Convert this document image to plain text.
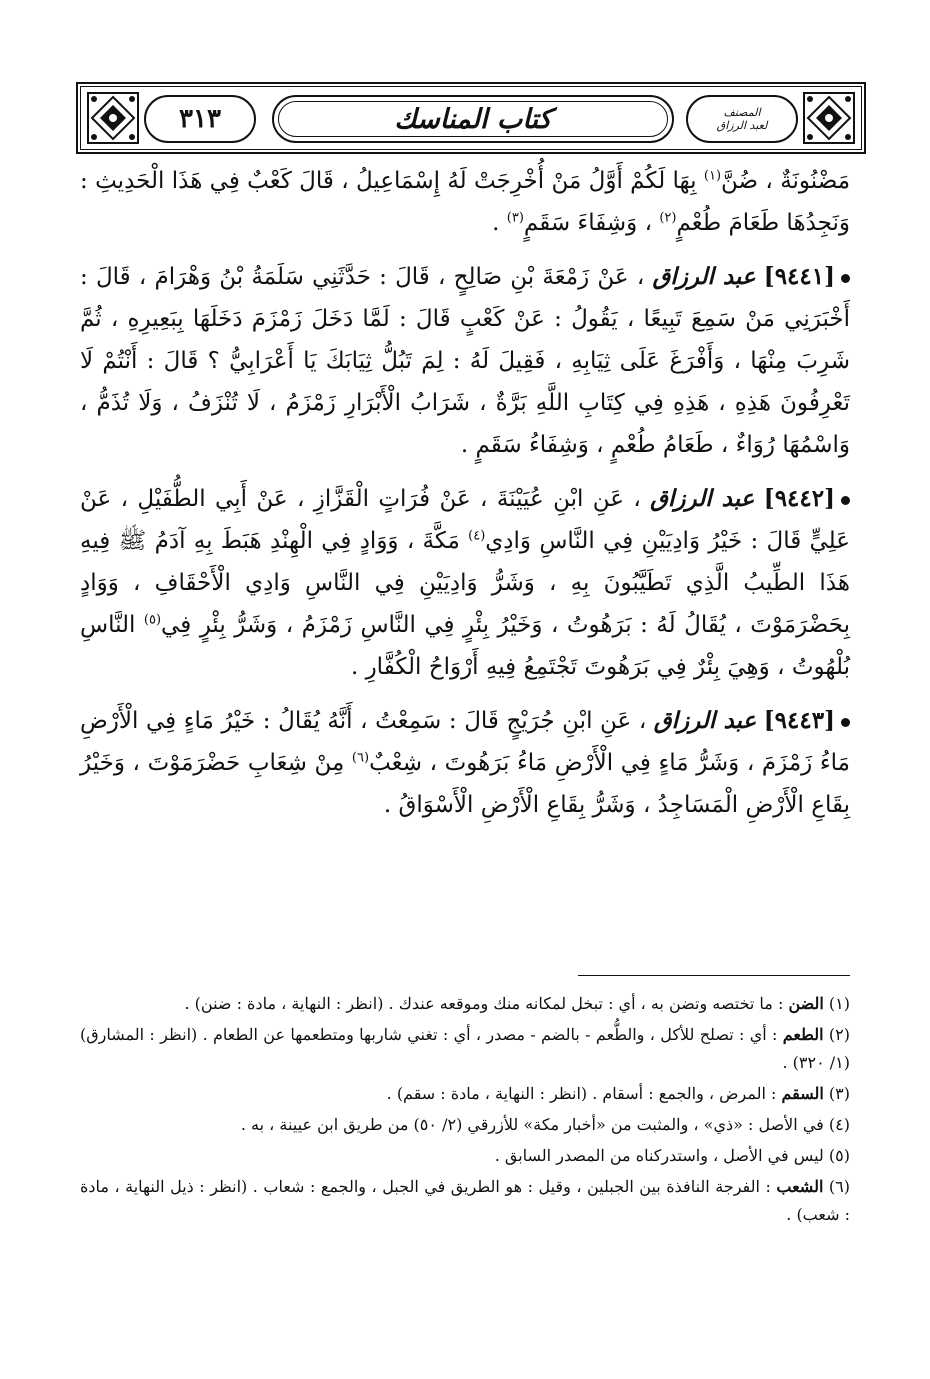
٣١٣	كتاب المناسك	المصنف
لعبد الرزاق

مَضْنُونَةٌ ، ضُنَّ$^{(١)}$ بِهَا لَكُمْ أَوَّلُ مَنْ أُخْرِجَتْ لَهُ إِسْمَاعِيلُ ، قَالَ كَعْبٌ فِي هَذَا الْحَدِيثِ : وَنَجِدُهَا طَعَامَ طُعْمٍ$^{(٢)}$ ، وَشِفَاءَ سَقَمٍ$^{(٣)}$ .

[٩٤٤١] عبد الرزاق ، عَنْ زَمْعَةَ بْنِ صَالِحٍ ، قَالَ : حَدَّثَنِي سَلَمَةُ بْنُ وَهْرَامَ ، قَالَ : أَخْبَرَنِي مَنْ سَمِعَ تَبِيعًا ، يَقُولُ : عَنْ كَعْبٍ قَالَ : لَمَّا دَخَلَ زَمْزَمَ دَخَلَهَا بِبَعِيرِهِ ، ثُمَّ شَرِبَ مِنْهَا ، وَأَفْرَغَ عَلَى ثِيَابِهِ ، فَقِيلَ لَهُ : لِمَ تَبُلُّ ثِيَابَكَ يَا أَعْرَابِيُّ ؟ قَالَ : أَنْتُمْ لَا تَعْرِفُونَ هَذِهِ ، هَذِهِ فِي كِتَابِ اللَّهِ بَرَّةٌ ، شَرَابُ الْأَبْرَارِ زَمْزَمُ ، لَا تُنْزَفُ ، وَلَا تُذَمُّ ، وَاسْمُهَا رُوَاءٌ ، طَعَامُ طُعْمٍ ، وَشِفَاءُ سَقَمٍ .

[٩٤٤٢] عبد الرزاق ، عَنِ ابْنِ عُيَيْنَةَ ، عَنْ فُرَاتٍ الْقَزَّازِ ، عَنْ أَبِي الطُّفَيْلِ ، عَنْ عَلِيٍّ قَالَ : خَيْرُ وَادِيَيْنِ فِي النَّاسِ وَادِي$^{(٤)}$ مَكَّةَ ، وَوَادٍ فِي الْهِنْدِ هَبَطَ بِهِ آدَمُ ﷺ فِيهِ هَذَا الطِّيبُ الَّذِي تَطَيَّبُونَ بِهِ ، وَشَرُّ وَادِيَيْنِ فِي النَّاسِ وَادِي الْأَحْقَافِ ، وَوَادٍ بِحَضْرَمَوْتَ ، يُقَالُ لَهُ : بَرَهُوتُ ، وَخَيْرُ بِئْرٍ فِي النَّاسِ زَمْزَمُ ، وَشَرُّ بِئْرٍ فِي$^{(٥)}$ النَّاسِ بُلْهُوتُ ، وَهِيَ بِئْرٌ فِي بَرَهُوتَ تَجْتَمِعُ فِيهِ أَرْوَاحُ الْكُفَّارِ .

[٩٤٤٣] عبد الرزاق ، عَنِ ابْنِ جُرَيْجٍ قَالَ : سَمِعْتُ ، أَنَّهُ يُقَالُ : خَيْرُ مَاءٍ فِي الْأَرْضِ مَاءُ زَمْزَمَ ، وَشَرُّ مَاءٍ فِي الْأَرْضِ مَاءُ بَرَهُوتَ ، شِعْبٌ$^{(٦)}$ مِنْ شِعَابِ حَضْرَمَوْتَ ، وَخَيْرُ بِقَاعِ الْأَرْضِ الْمَسَاجِدُ ، وَشَرُّ بِقَاعِ الْأَرْضِ الْأَسْوَاقُ .

(١) الضن : ما تختصه وتضن به ، أي : تبخل لمكانه منك وموقعه عندك . (انظر : النهاية ، مادة : ضنن) .

(٢) الطعم : أي : تصلح للأكل ، والطُّعم - بالضم - مصدر ، أي : تغني شاربها ومتطعمها عن الطعام . (انظر : المشارق) (١/ ٣٢٠) .

(٣) السقم : المرض ، والجمع : أسقام . (انظر : النهاية ، مادة : سقم) .

(٤) في الأصل : «ذي» ، والمثبت من «أخبار مكة» للأزرقي (٢/ ٥٠) من طريق ابن عيينة ، به .

(٥) ليس في الأصل ، واستدركناه من المصدر السابق .

(٦) الشعب : الفرجة النافذة بين الجبلين ، وقيل : هو الطريق في الجبل ، والجمع : شعاب . (انظر : ذيل النهاية ، مادة : شعب) .
